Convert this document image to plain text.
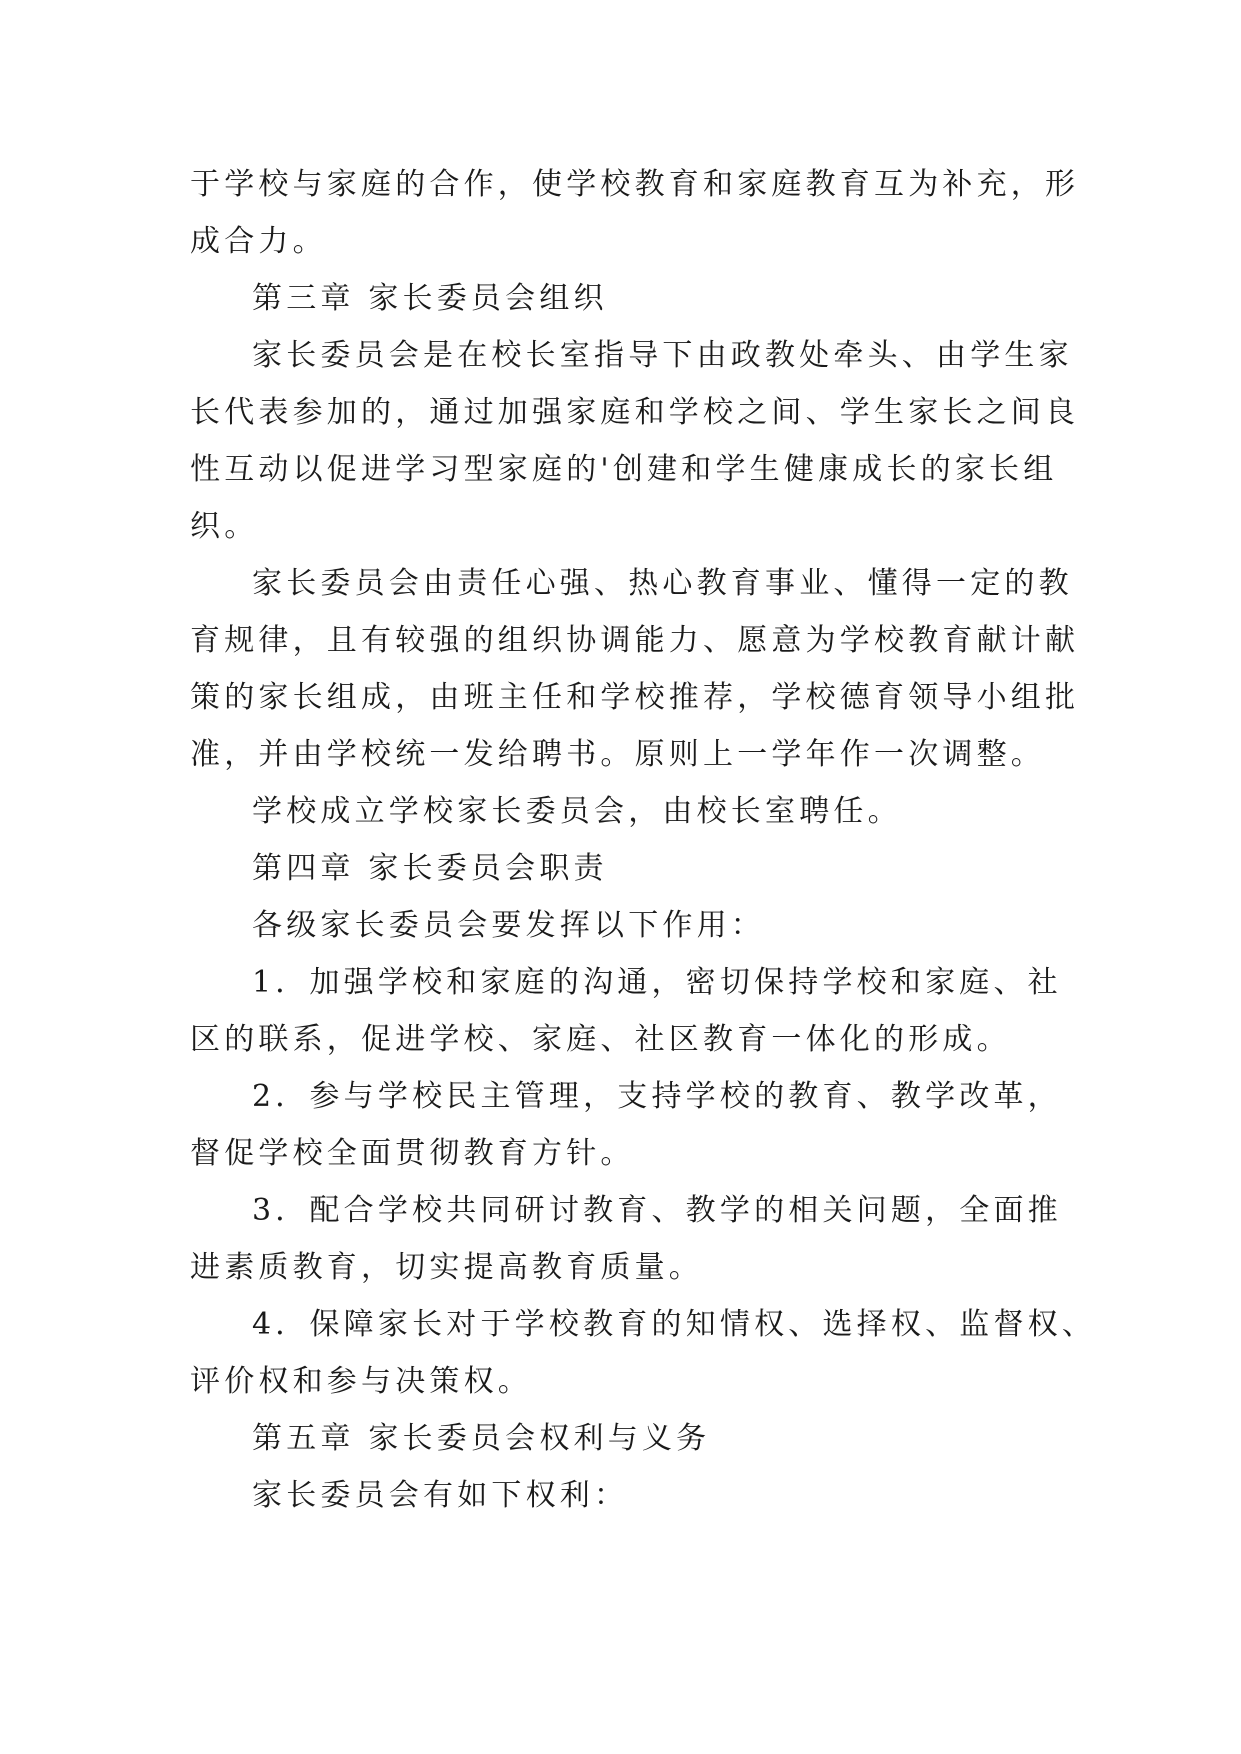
于学校与家庭的合作，使学校教育和家庭教育互为补充，形
成合力。
第三章 家长委员会组织
家长委员会是在校长室指导下由政教处牵头、由学生家
长代表参加的，通过加强家庭和学校之间、学生家长之间良
性互动以促进学习型家庭的'创建和学生健康成长的家长组
织。
家长委员会由责任心强、热心教育事业、懂得一定的教
育规律，且有较强的组织协调能力、愿意为学校教育献计献
策的家长组成，由班主任和学校推荐，学校德育领导小组批
准，并由学校统一发给聘书。原则上一学年作一次调整。
学校成立学校家长委员会，由校长室聘任。
第四章 家长委员会职责
各级家长委员会要发挥以下作用：
1．加强学校和家庭的沟通，密切保持学校和家庭、社
区的联系，促进学校、家庭、社区教育一体化的形成。
2．参与学校民主管理，支持学校的教育、教学改革，
督促学校全面贯彻教育方针。
3．配合学校共同研讨教育、教学的相关问题，全面推
进素质教育，切实提高教育质量。
4．保障家长对于学校教育的知情权、选择权、监督权、
评价权和参与决策权。
第五章 家长委员会权利与义务
家长委员会有如下权利：
